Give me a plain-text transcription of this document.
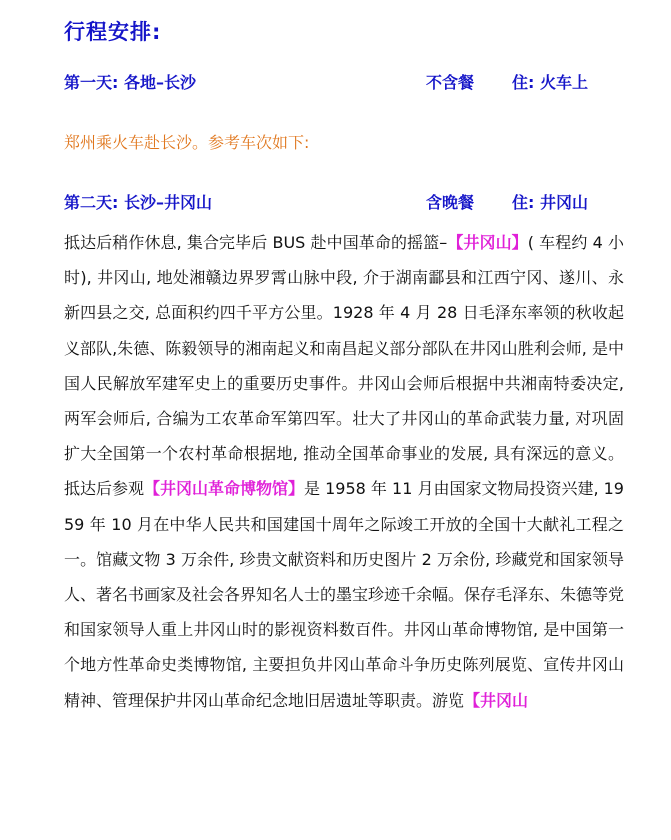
行程安排:
第一天: 各地–长沙	不含餐 住: 火车上
郑州乘火车赴长沙。参考车次如下:
第二天: 长沙–井冈山	含晚餐 住: 井冈山
抵达后稍作休息, 集合完毕后 BUS 赴中国革命的摇篮–【井冈山】( 车程约 4 小时), 井冈山, 地处湘赣边界罗霄山脉中段, 介于湖南酃县和江西宁冈、遂川、永新四县之交, 总面积约四千平方公里。1928 年 4 月 28 日毛泽东率领的秋收起义部队,朱德、陈毅领导的湘南起义和南昌起义部分部队在井冈山胜利会师, 是中国人民解放军建军史上的重要历史事件。井冈山会师后根据中共湘南特委决定, 两军会师后, 合编为工农革命军第四军。壮大了井冈山的革命武装力量, 对巩固扩大全国第一个农村革命根据地, 推动全国革命事业的发展, 具有深远的意义。抵达后参观【井冈山革命博物馆】是 1958 年 11 月由国家文物局投资兴建, 1959 年 10 月在中华人民共和国建国十周年之际竣工开放的全国十大献礼工程之一。馆藏文物 3 万余件, 珍贵文献资料和历史图片 2 万余份, 珍藏党和国家领导人、著名书画家及社会各界知名人士的墨宝珍迹千余幅。保存毛泽东、朱德等党和国家领导人重上井冈山时的影视资料数百件。井冈山革命博物馆, 是中国第一个地方性革命史类博物馆, 主要担负井冈山革命斗争历史陈列展览、宣传井冈山精神、管理保护井冈山革命纪念地旧居遗址等职责。游览【井冈山
